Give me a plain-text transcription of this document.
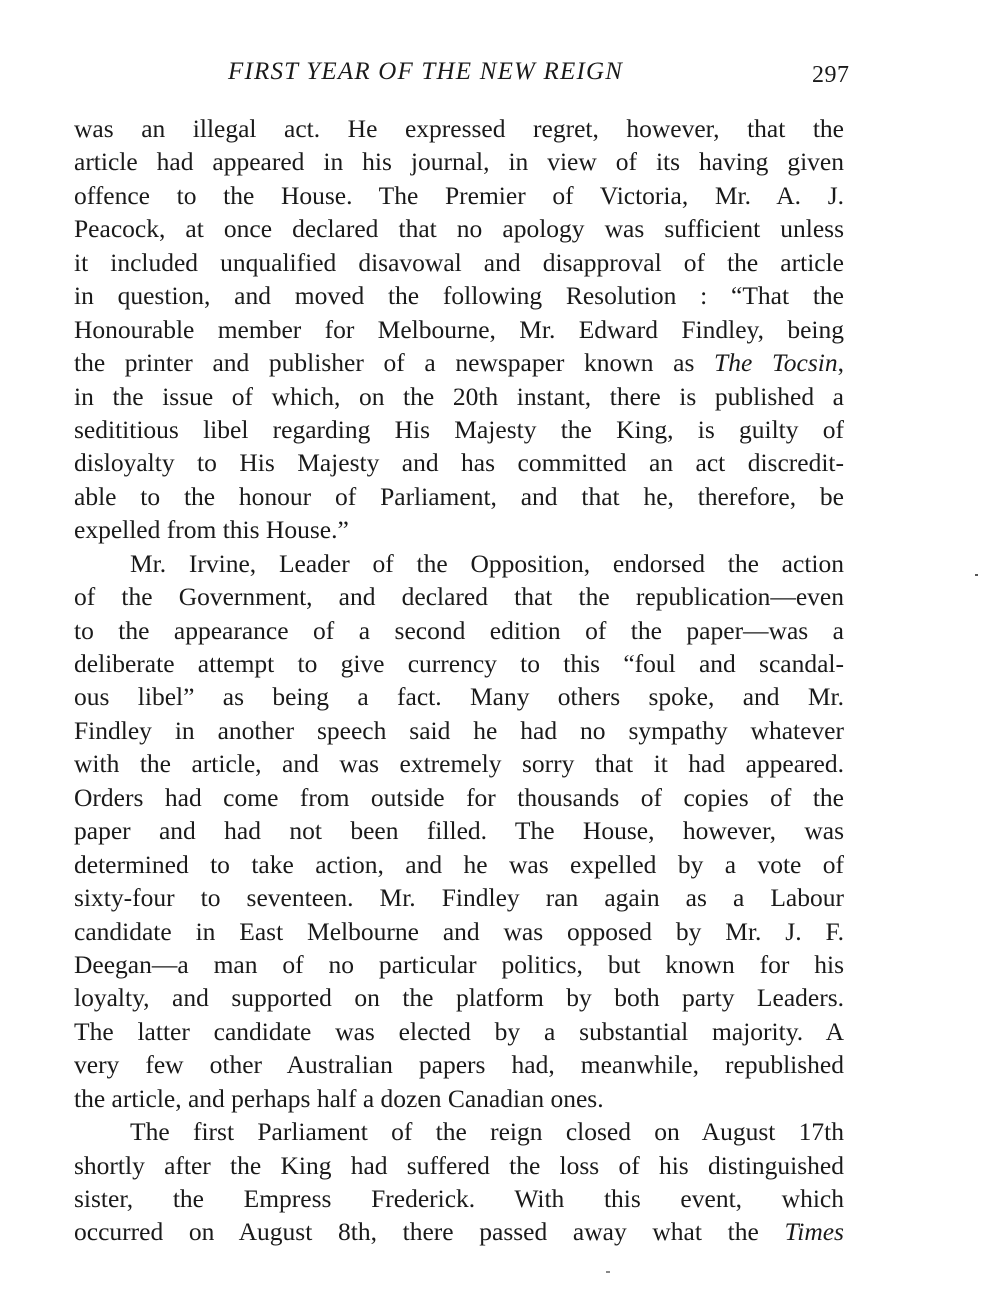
FIRST YEAR OF THE NEW REIGN	297
was an illegal act. He expressed regret, however, that the
article had appeared in his journal, in view of its having given
offence to the House. The Premier of Victoria, Mr. A. J.
Peacock, at once declared that no apology was sufficient unless
it included unqualified disavowal and disapproval of the article
in question, and moved the following Resolution : “That the
Honourable member for Melbourne, Mr. Edward Findley, being
the printer and publisher of a newspaper known as The Tocsin,
in the issue of which, on the 20th instant, there is published a
sedititious libel regarding His Majesty the King, is guilty of
disloyalty to His Majesty and has committed an act discredit-
able to the honour of Parliament, and that he, therefore, be
expelled from this House.”
Mr. Irvine, Leader of the Opposition, endorsed the action
of the Government, and declared that the republication—even
to the appearance of a second edition of the paper—was a
deliberate attempt to give currency to this “foul and scandal-
ous libel” as being a fact. Many others spoke, and Mr.
Findley in another speech said he had no sympathy whatever
with the article, and was extremely sorry that it had appeared.
Orders had come from outside for thousands of copies of the
paper and had not been filled. The House, however, was
determined to take action, and he was expelled by a vote of
sixty-four to seventeen. Mr. Findley ran again as a Labour
candidate in East Melbourne and was opposed by Mr. J. F.
Deegan—a man of no particular politics, but known for his
loyalty, and supported on the platform by both party Leaders.
The latter candidate was elected by a substantial majority. A
very few other Australian papers had, meanwhile, republished
the article, and perhaps half a dozen Canadian ones.
The first Parliament of the reign closed on August 17th
shortly after the King had suffered the loss of his distinguished
sister, the Empress Frederick. With this event, which
occurred on August 8th, there passed away what the Times
